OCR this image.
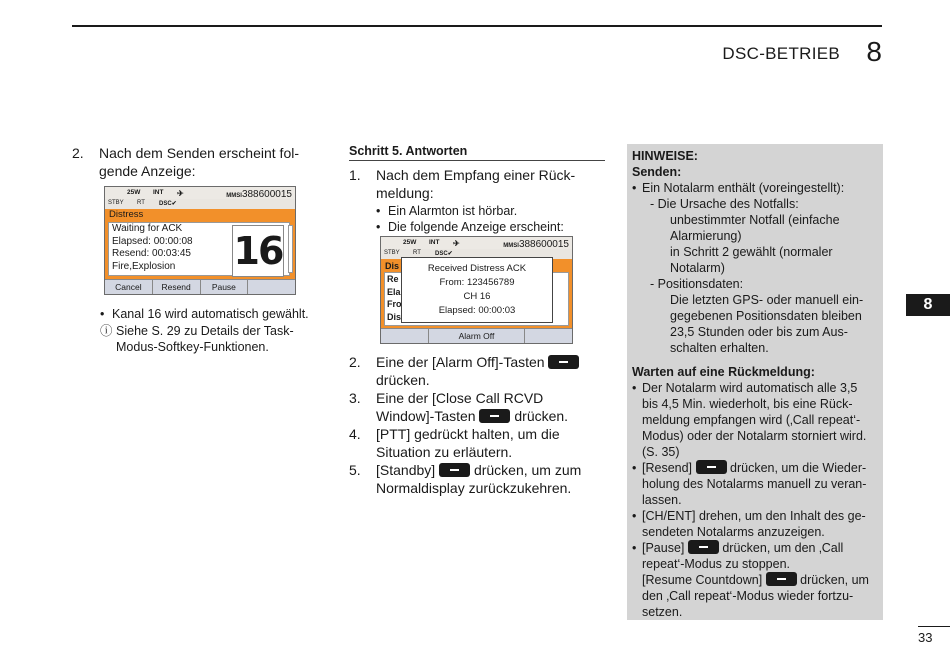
DSC-BETRIEB 8
8
2.	Nach dem Senden erscheint fol-
gende Anzeige:
25W INT ✈	MMSI388600015
STBY RT DSC✔
Distress
Waiting for ACK
Elapsed: 00:00:08
Resend: 00:03:45
Fire,Explosion	16
Cancel	Resend	Pause
• Kanal 16 wird automatisch gewählt.
ⓘ Siehe S. 29 zu Details der Task-
Modus-Softkey-Funktionen.
Schritt 5. Antworten
1.	Nach dem Empfang einer Rück-
meldung:
• Ein Alarmton ist hörbar.
• Die folgende Anzeige erscheint:
25W INT ✈	MMSI388600015
STBY RT DSC✔
Dis
Re
Ela
Fro
Dis
Received Distress ACK
From: 123456789
CH 16
Elapsed: 00:00:03
Alarm Off
2.	Eine der [Alarm Off]-Tasten
drücken.
3.	Eine der [Close Call RCVD
Window]-Tasten	drücken.
4.	[PTT] gedrückt halten, um die
Situation zu erläutern.
5.	[Standby]	drücken, um zum
Normaldisplay zurückzukehren.
HINWEISE:
Senden:
• Ein Notalarm enthält (voreingestellt):
- Die Ursache des Notfalls:
unbestimmter Notfall (einfache
Alarmierung)
in Schritt 2 gewählt (normaler
Notalarm)
- Positionsdaten:
Die letzten GPS- oder manuell ein-
gegebenen Positionsdaten bleiben
23,5 Stunden oder bis zum Aus-
schalten erhalten.
Warten auf eine Rückmeldung:
• Der Notalarm wird automatisch alle 3,5
bis 4,5 Min. wiederholt, bis eine Rück-
meldung empfangen wird (‚Call repeat‘-
Modus) oder der Notalarm storniert wird.
(S. 35)
• [Resend]	drücken, um die Wieder-
holung des Notalarms manuell zu veran-
lassen.
• [CH/ENT] drehen, um den Inhalt des ge-
sendeten Notalarms anzuzeigen.
• [Pause]	drücken, um den ‚Call
repeat‘-Modus zu stoppen.
[Resume Countdown]	drücken, um
den ‚Call repeat‘-Modus wieder fortzu-
setzen.
33
